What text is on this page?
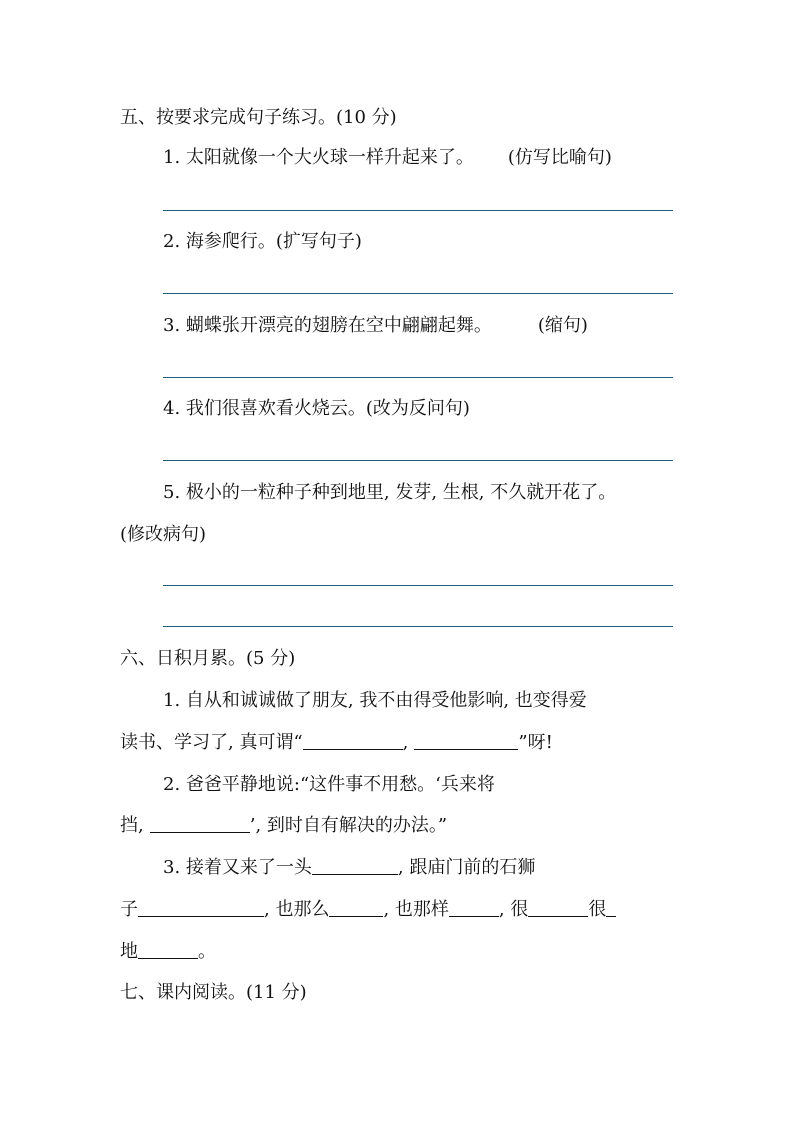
五、按要求完成句子练习。(10 分)
1. 太阳就像一个大火球一样升起来了。 (仿写比喻句)
2. 海参爬行。(扩写句子)
3. 蝴蝶张开漂亮的翅膀在空中翩翩起舞。	(缩句)
4. 我们很喜欢看火烧云。(改为反问句)
5. 极小的一粒种子种到地里, 发芽, 生根, 不久就开花了。
(修改病句)
六、日积月累。(5 分)
1. 自从和诚诚做了朋友, 我不由得受他影响, 也变得爱
读书、学习了, 真可谓“	,	”呀!
2. 爸爸平静地说:“这件事不用愁。‘兵来将
挡,	’, 到时自有解决的办法。”
3. 接着又来了一头	, 跟庙门前的石狮
子	, 也那么	, 也那样	, 很	很
地	。
七、课内阅读。(11 分)
